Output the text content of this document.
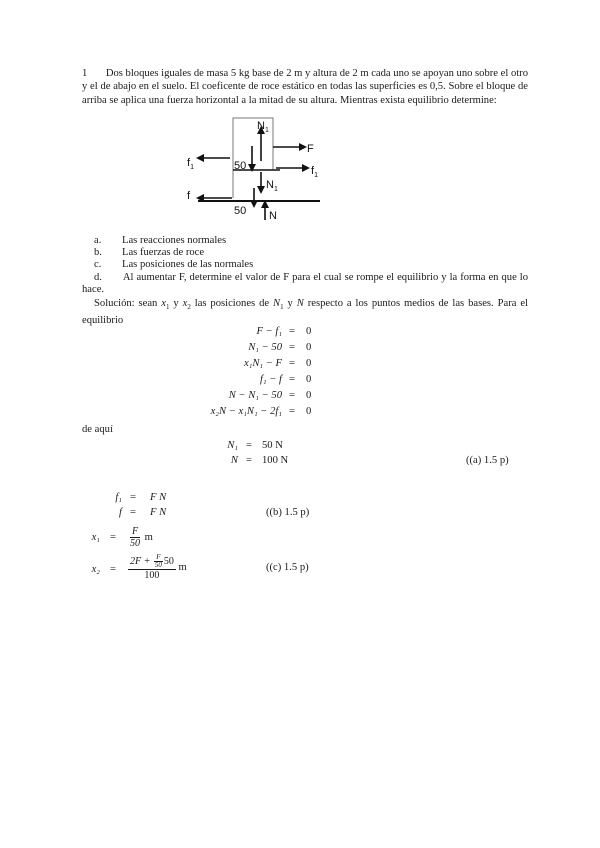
1 Dos bloques iguales de masa 5 kg base de 2 m y altura de 2 m cada uno se apoyan uno sobre el otro y el de abajo en el suelo. El coeficente de roce estático en todas las superficies es 0,5. Sobre el bloque de arriba se aplica una fuerza horizontal a la mitad de su altura. Mientras exista equilibrio determine:

$N_1$
F
$f_1$	50	$f_1$
$N_1$
f
50 N
a.	Las reacciones normales
b.	Las fuerzas de roce
c.	Las posiciones de las normales
d. Al aumentar F, determine el valor de F para el cual se rompe el equilibrio y la forma en que lo hace.
Solución: sean $x_1$ y $x_2$ las posiciones de $N_1$ y N respecto a los puntos medios de las bases. Para el equilibrio
F − f₁ =	0
N₁ − 50 =	0
x₁N₁ − F =	0
f₁ − f =	0
N − N₁ − 50 =	0
x₂N − x₁N₁ − 2f₁ =	0
de aquí
N₁ = 50 N
N = 100 N	((a) 1.5 p)
f₁ =	F N
f =	F N	((b) 1.5 p)
x₁ =	$\frac{F}{50}$ m
x₂ =	$\frac{2F + \frac{F}{50} 50}{100}$ m	((c) 1.5 p)
